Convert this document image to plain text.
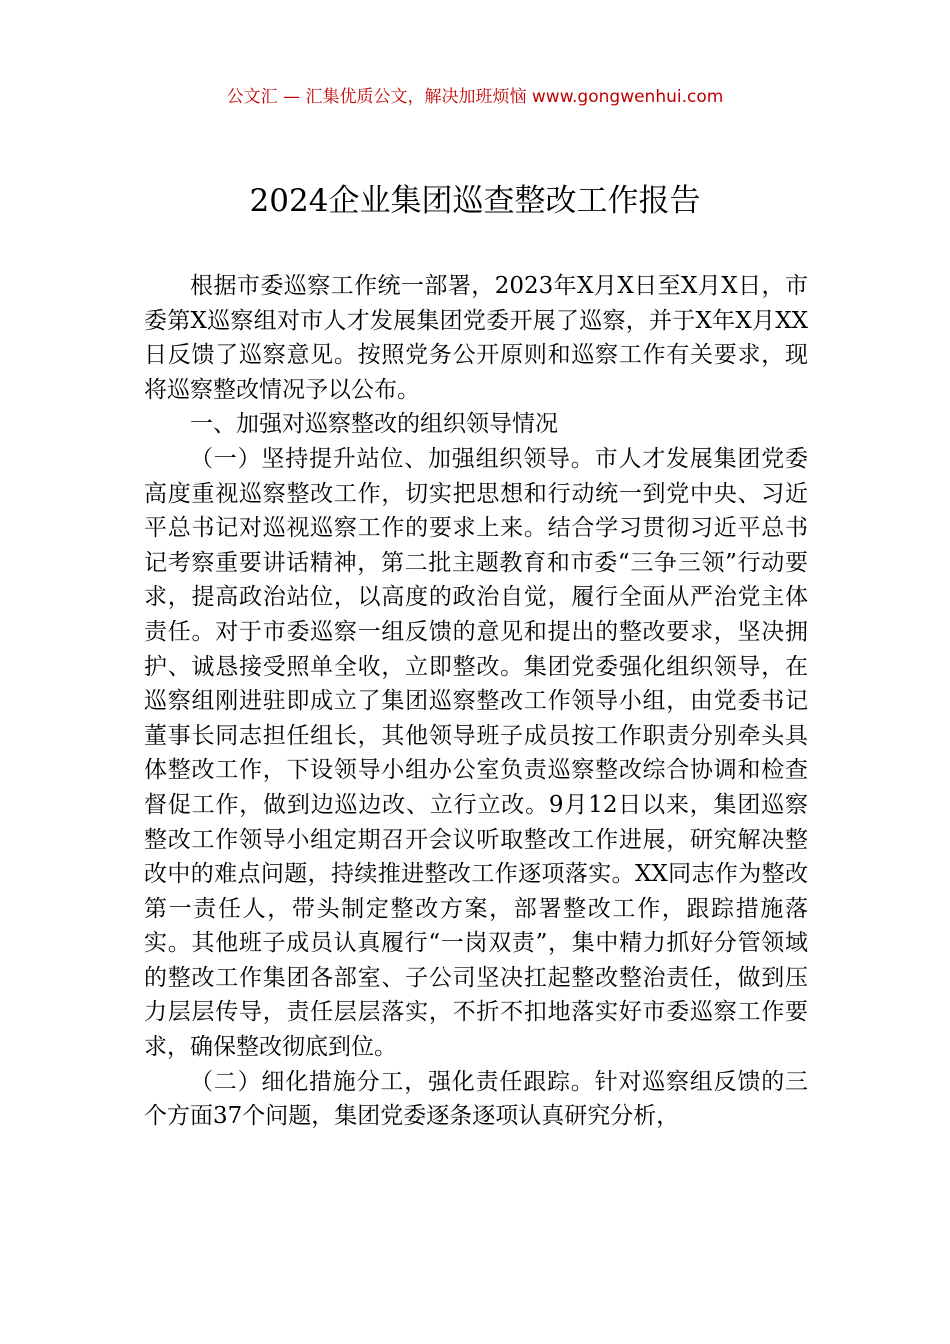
公文汇 — 汇集优质公文，解决加班烦恼 www.gongwenhui.com
2024企业集团巡查整改工作报告

根据市委巡察工作统一部署，2023年X月X日至X月X日，市委第X巡察组对市人才发展集团党委开展了巡察，并于X年X月XX日反馈了巡察意见。按照党务公开原则和巡察工作有关要求，现将巡察整改情况予以公布。

一、加强对巡察整改的组织领导情况

（一）坚持提升站位、加强组织领导。市人才发展集团党委高度重视巡察整改工作，切实把思想和行动统一到党中央、习近平总书记对巡视巡察工作的要求上来。结合学习贯彻习近平总书记考察重要讲话精神，第二批主题教育和市委“三争三领”行动要求，提高政治站位，以高度的政治自觉，履行全面从严治党主体责任。对于市委巡察一组反馈的意见和提出的整改要求，坚决拥护、诚恳接受照单全收，立即整改。集团党委强化组织领导，在巡察组刚进驻即成立了集团巡察整改工作领导小组，由党委书记董事长同志担任组长，其他领导班子成员按工作职责分别牵头具体整改工作，下设领导小组办公室负责巡察整改综合协调和检查督促工作，做到边巡边改、立行立改。9月12日以来，集团巡察整改工作领导小组定期召开会议听取整改工作进展，研究解决整改中的难点问题，持续推进整改工作逐项落实。XX同志作为整改第一责任人，带头制定整改方案，部署整改工作，跟踪措施落实。其他班子成员认真履行“一岗双责”，集中精力抓好分管领域的整改工作集团各部室、子公司坚决扛起整改整治责任，做到压力层层传导，责任层层落实，不折不扣地落实好市委巡察工作要求，确保整改彻底到位。

（二）细化措施分工，强化责任跟踪。针对巡察组反馈的三个方面37个问题，集团党委逐条逐项认真研究分析，
